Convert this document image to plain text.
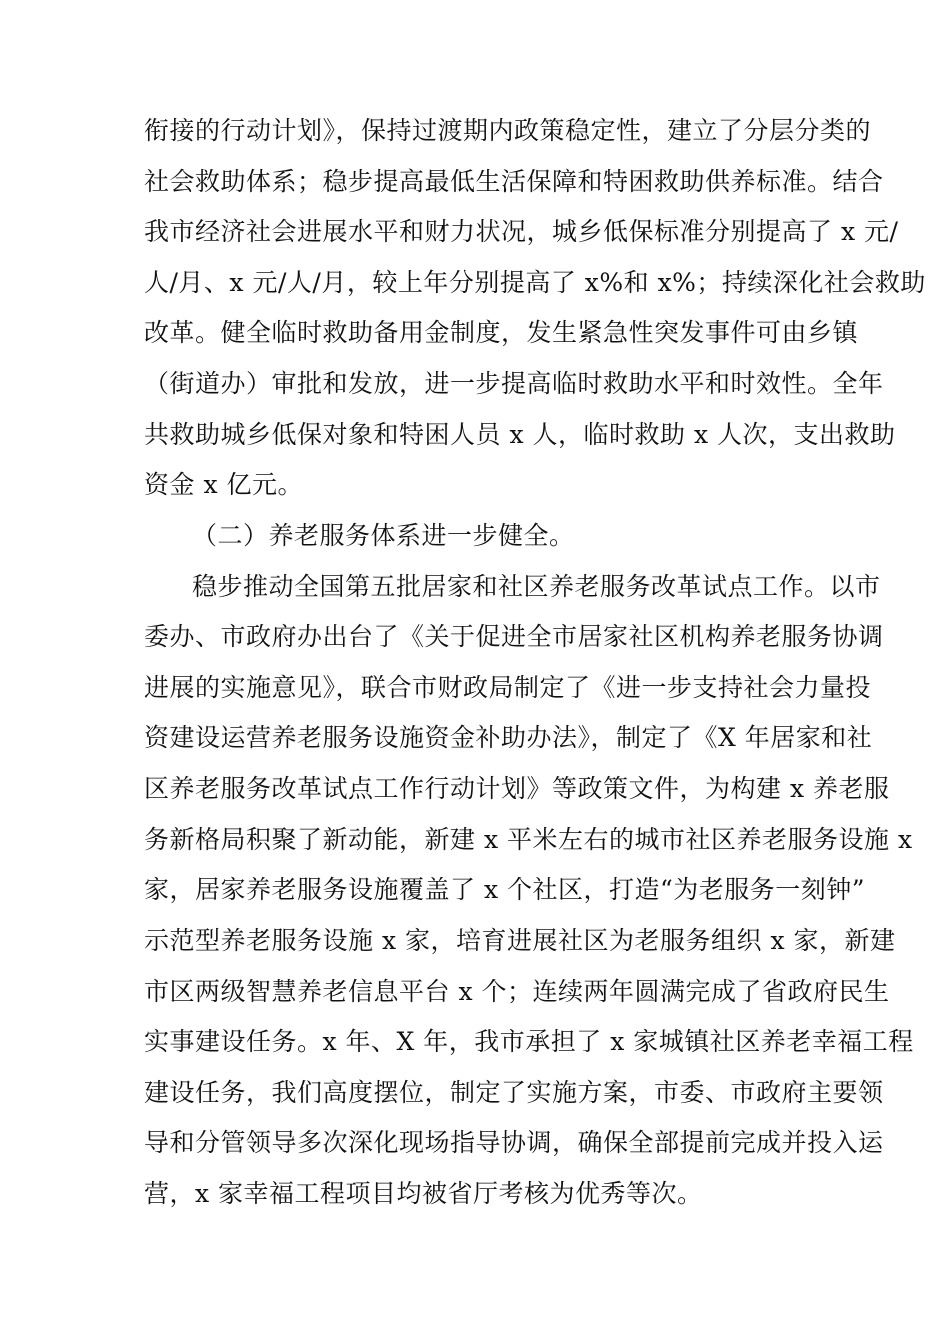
衔接的行动计划》，保持过渡期内政策稳定性，建立了分层分类的
社会救助体系；稳步提高最低生活保障和特困救助供养标准。结合
我市经济社会进展水平和财力状况，城乡低保标准分别提高了 x 元/
人/月、x 元/人/月，较上年分别提高了 x%和 x%；持续深化社会救助
改革。健全临时救助备用金制度，发生紧急性突发事件可由乡镇
（街道办）审批和发放，进一步提高临时救助水平和时效性。全年
共救助城乡低保对象和特困人员 x 人，临时救助 x 人次，支出救助
资金 x 亿元。
（二）养老服务体系进一步健全。
稳步推动全国第五批居家和社区养老服务改革试点工作。以市
委办、市政府办出台了《关于促进全市居家社区机构养老服务协调
进展的实施意见》，联合市财政局制定了《进一步支持社会力量投
资建设运营养老服务设施资金补助办法》，制定了《X 年居家和社
区养老服务改革试点工作行动计划》等政策文件，为构建 x 养老服
务新格局积聚了新动能，新建 x 平米左右的城市社区养老服务设施 x
家，居家养老服务设施覆盖了 x 个社区，打造“为老服务一刻钟”
示范型养老服务设施 x 家，培育进展社区为老服务组织 x 家，新建
市区两级智慧养老信息平台 x 个；连续两年圆满完成了省政府民生
实事建设任务。x 年、X 年，我市承担了 x 家城镇社区养老幸福工程
建设任务，我们高度摆位，制定了实施方案，市委、市政府主要领
导和分管领导多次深化现场指导协调，确保全部提前完成并投入运
营，x 家幸福工程项目均被省厅考核为优秀等次。
